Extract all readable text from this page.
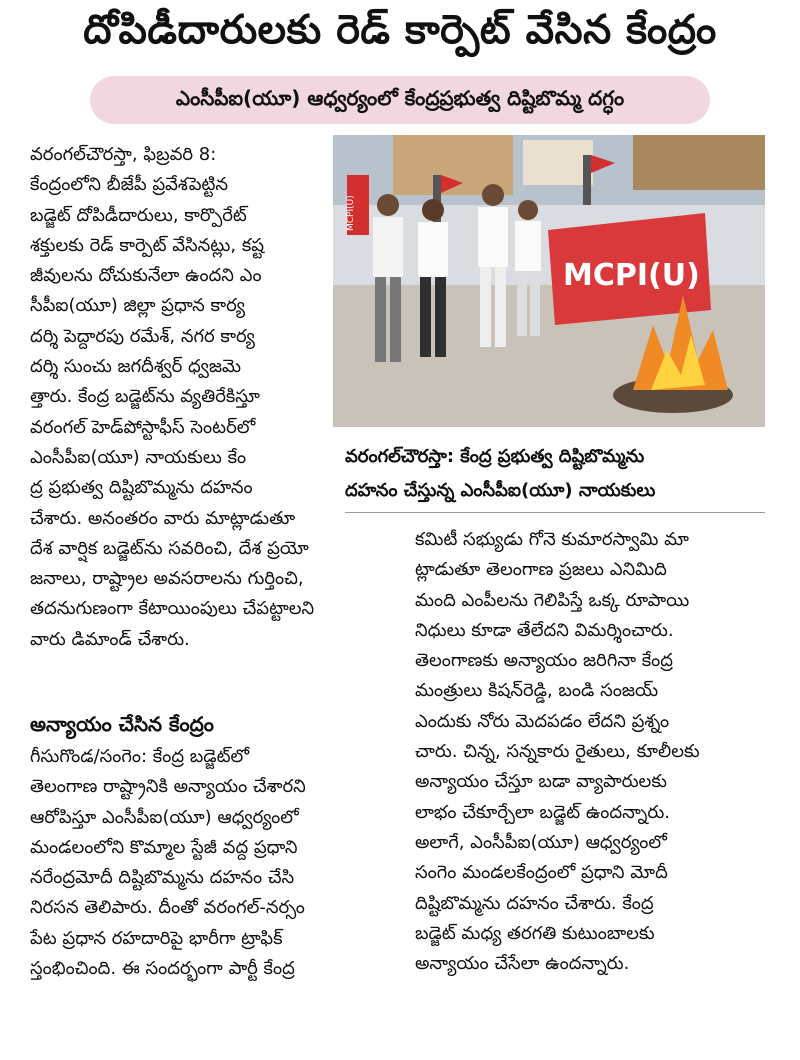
దోపిడీదారులకు రెడ్‌ కార్పెట్‌ వేసిన కేంద్రం
ఎంసీపీఐ(యూ) ఆధ్వర్యంలో కేంద్రప్రభుత్వ దిష్టిబొమ్మ దగ్ధం
MCPI(U)
MCPI(U)
వరంగల్‌చౌరస్తా: కేంద్ర ప్రభుత్వ దిష్టిబొమ్మను
దహనం చేస్తున్న ఎంసీపీఐ(యూ) నాయకులు
వరంగల్‌చౌరస్తా, ఫిబ్రవరి 8:
కేంద్రంలోని బీజేపీ ప్రవేశపెట్టిన
బడ్జెట్‌ దోపిడీదారులు, కార్పొరేట్‌
శక్తులకు రెడ్‌ కార్పెట్‌ వేసినట్లు, కష్ట
జీవులను దోచుకునేలా ఉందని ఎం
సీపీఐ(యూ) జిల్లా ప్రధాన కార్య
దర్శి పెద్దారపు రమేశ్‌, నగర కార్య
దర్శి సుంచు జగదీశ్వర్‌ ధ్వజమె
త్తారు. కేంద్ర బడ్జెట్‌ను వ్యతిరేకిస్తూ
వరంగల్‌ హెడ్‌పోస్టాఫీస్‌ సెంటర్‌లో
ఎంసీపీఐ(యూ) నాయకులు కేం
ద్ర ప్రభుత్వ దిష్టిబొమ్మను దహనం
చేశారు. అనంతరం వారు మాట్లాడుతూ
దేశ వార్షిక బడ్జెట్‌ను సవరించి, దేశ ప్రయో
జనాలు, రాష్ట్రాల అవసరాలను గుర్తించి,
తదనుగుణంగా కేటాయింపులు చేపట్టాలని
వారు డిమాండ్‌ చేశారు.
అన్యాయం చేసిన కేంద్రం
గీసుగొండ/సంగెం: కేంద్ర బడ్జెట్‌లో
తెలంగాణ రాష్ట్రానికి అన్యాయం చేశారని
ఆరోపిస్తూ ఎంసీపీఐ(యూ) ఆధ్వర్యంలో
మండలంలోని కొమ్మాల స్టేజీ వద్ద ప్రధాని
నరేంద్రమోదీ దిష్టిబొమ్మను దహనం చేసి
నిరసన తెలిపారు. దీంతో వరంగల్‌-నర్సం
పేట ప్రధాన రహదారిపై భారీగా ట్రాఫిక్‌
స్తంభించింది. ఈ సందర్భంగా పార్టీ కేంద్ర
కమిటీ సభ్యుడు గోనె కుమారస్వామి మా
ట్లాడుతూ తెలంగాణ ప్రజలు ఎనిమిది
మంది ఎంపీలను గెలిపిస్తే ఒక్క రూపాయి
నిధులు కూడా తేలేదని విమర్శించారు.
తెలంగాణకు అన్యాయం జరిగినా కేంద్ర
మంత్రులు కిషన్‌రెడ్డి, బండి సంజయ్‌
ఎందుకు నోరు మెదపడం లేదని ప్రశ్నం
చారు. చిన్న, సన్నకారు రైతులు, కూలీలకు
అన్యాయం చేస్తూ బడా వ్యాపారులకు
లాభం చేకూర్చేలా బడ్జెట్‌ ఉందన్నారు.
అలాగే, ఎంసీపీఐ(యూ) ఆధ్వర్యంలో
సంగెం మండలకేంద్రంలో ప్రధాని మోదీ
దిష్టిబొమ్మను దహనం చేశారు. కేంద్ర
బడ్జెట్‌ మధ్య తరగతి కుటుంబాలకు
అన్యాయం చేసేలా ఉందన్నారు.
